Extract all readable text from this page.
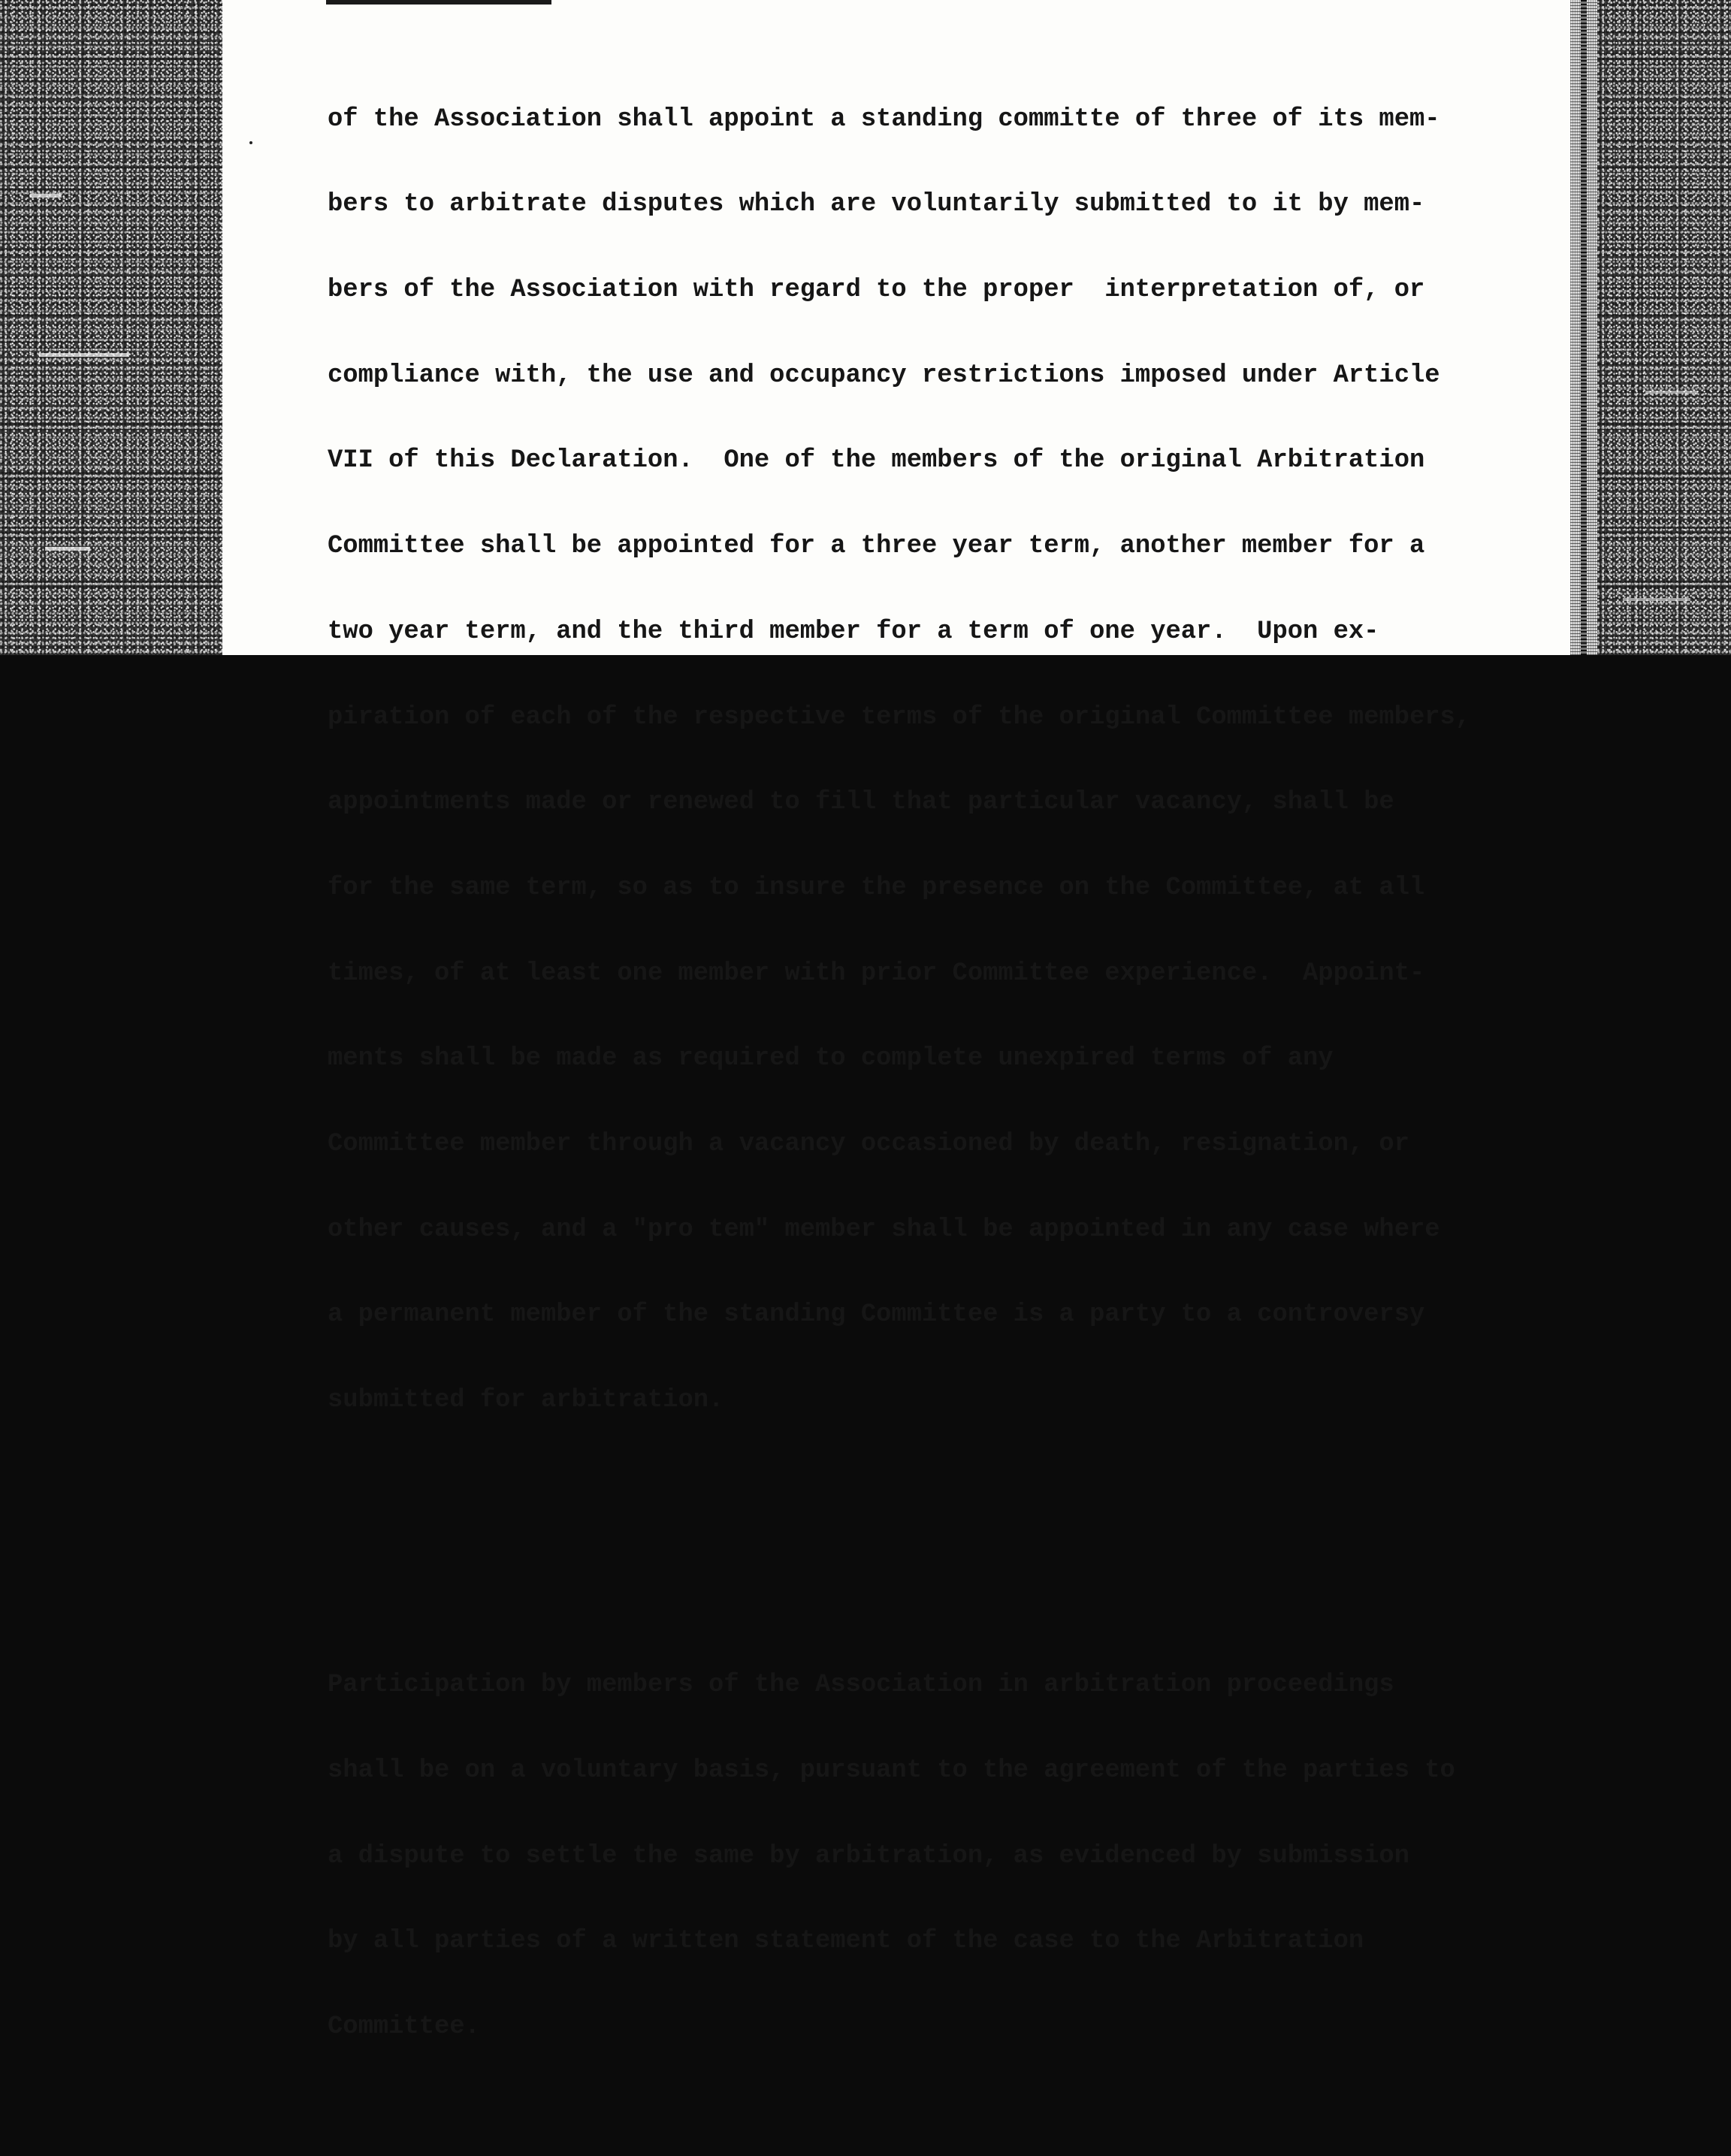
of the Association shall appoint a standing committe of three of its mem-

bers to arbitrate disputes which are voluntarily submitted to it by mem-

bers of the Association with regard to the proper  interpretation of, or

compliance with, the use and occupancy restrictions imposed under Article

VII of this Declaration.  One of the members of the original Arbitration

Committee shall be appointed for a three year term, another member for a

two year term, and the third member for a term of one year.  Upon ex-

piration of each of the respective terms of the original Committee members,

appointments made or renewed to fill that particular vacancy, shall be

for the same term, so as to insure the presence on the Committee, at all

times, of at least one member with prior Committee experience.  Appoint-

ments shall be made as required to complete unexpired terms of any

Committee member through a vacancy occasioned by death, resignation, or

other causes, and a "pro tem" member shall be appointed in any case where

a permanent member of the standing Committee is a party to a controversy

submitted for arbitration.

Participation by members of the Association in arbitration proceedings

shall be on a voluntary basis, pursuant to the agreement of the parties to

a dispute to settle the same by arbitration, as evidenced by submission

by all parties of a written statement of the case to the Arbitration

Committee.
